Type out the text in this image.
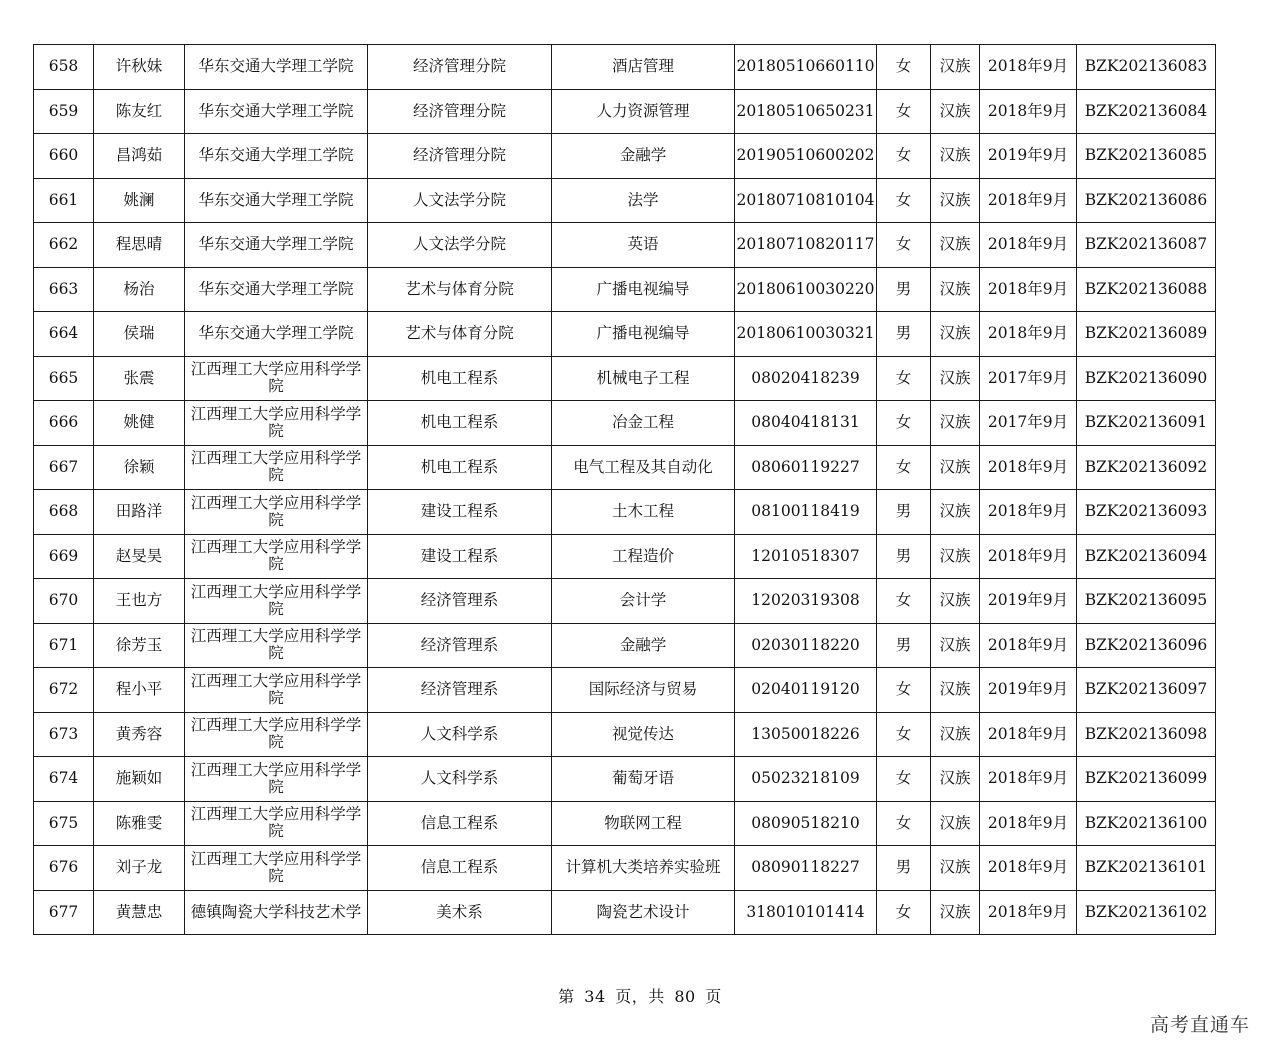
658	许秋妹	华东交通大学理工学院	经济管理分院	酒店管理	20180510660110	女	汉族	2018年9月	BZK202136083
659	陈友红	华东交通大学理工学院	经济管理分院	人力资源管理	20180510650231	女	汉族	2018年9月	BZK202136084
660	昌鸿茹	华东交通大学理工学院	经济管理分院	金融学	20190510600202	女	汉族	2019年9月	BZK202136085
661	姚澜	华东交通大学理工学院	人文法学分院	法学	20180710810104	女	汉族	2018年9月	BZK202136086
662	程思晴	华东交通大学理工学院	人文法学分院	英语	20180710820117	女	汉族	2018年9月	BZK202136087
663	杨治	华东交通大学理工学院	艺术与体育分院	广播电视编导	20180610030220	男	汉族	2018年9月	BZK202136088
664	侯瑞	华东交通大学理工学院	艺术与体育分院	广播电视编导	20180610030321	男	汉族	2018年9月	BZK202136089
665	张震	江西理工大学应用科学学院	机电工程系	机械电子工程	08020418239	女	汉族	2017年9月	BZK202136090
666	姚健	江西理工大学应用科学学院	机电工程系	冶金工程	08040418131	女	汉族	2017年9月	BZK202136091
667	徐颖	江西理工大学应用科学学院	机电工程系	电气工程及其自动化	08060119227	女	汉族	2018年9月	BZK202136092
668	田路洋	江西理工大学应用科学学院	建设工程系	土木工程	08100118419	男	汉族	2018年9月	BZK202136093
669	赵旻昊	江西理工大学应用科学学院	建设工程系	工程造价	12010518307	男	汉族	2018年9月	BZK202136094
670	王也方	江西理工大学应用科学学院	经济管理系	会计学	12020319308	女	汉族	2019年9月	BZK202136095
671	徐芳玉	江西理工大学应用科学学院	经济管理系	金融学	02030118220	男	汉族	2018年9月	BZK202136096
672	程小平	江西理工大学应用科学学院	经济管理系	国际经济与贸易	02040119120	女	汉族	2019年9月	BZK202136097
673	黄秀容	江西理工大学应用科学学院	人文科学系	视觉传达	13050018226	女	汉族	2018年9月	BZK202136098
674	施颖如	江西理工大学应用科学学院	人文科学系	葡萄牙语	05023218109	女	汉族	2018年9月	BZK202136099
675	陈雅雯	江西理工大学应用科学学院	信息工程系	物联网工程	08090518210	女	汉族	2018年9月	BZK202136100
676	刘子龙	江西理工大学应用科学学院	信息工程系	计算机大类培养实验班	08090118227	男	汉族	2018年9月	BZK202136101
677	黄慧忠	德镇陶瓷大学科技艺术学	美术系	陶瓷艺术设计	318010101414	女	汉族	2018年9月	BZK202136102
第 34 页，共 80 页
高考直通车
